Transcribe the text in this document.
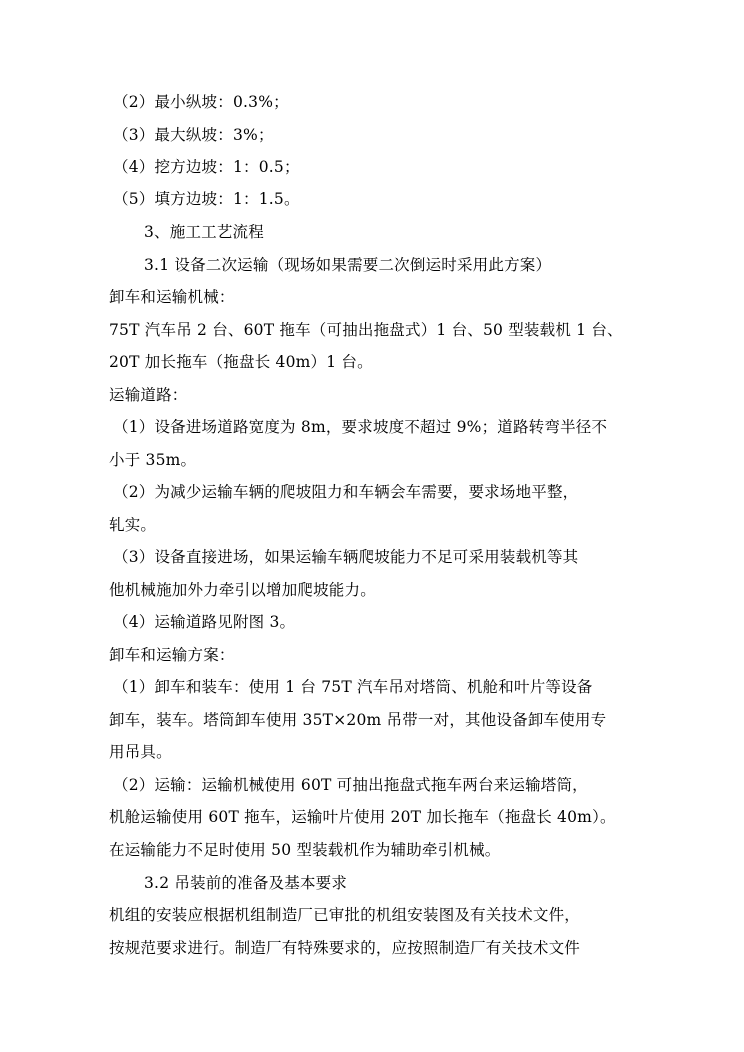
（2）最小纵坡：0.3%；
（3）最大纵坡：3%；
（4）挖方边坡：1：0.5；
（5）填方边坡：1：1.5。
3、施工工艺流程
3.1 设备二次运输（现场如果需要二次倒运时采用此方案）
卸车和运输机械：
75T 汽车吊 2 台、60T 拖车（可抽出拖盘式）1 台、50 型装载机 1 台、
20T 加长拖车（拖盘长 40m）1 台。
运输道路：
（1）设备进场道路宽度为 8m，要求坡度不超过 9%；道路转弯半径不
小于 35m。
（2）为减少运输车辆的爬坡阻力和车辆会车需要，要求场地平整，
轧实。
（3）设备直接进场，如果运输车辆爬坡能力不足可采用装载机等其
他机械施加外力牵引以增加爬坡能力。
（4）运输道路见附图 3。
卸车和运输方案：
（1）卸车和装车：使用 1 台 75T 汽车吊对塔筒、机舱和叶片等设备
卸车，装车。塔筒卸车使用 35T×20m 吊带一对，其他设备卸车使用专
用吊具。
（2）运输：运输机械使用 60T 可抽出拖盘式拖车两台来运输塔筒，
机舱运输使用 60T 拖车，运输叶片使用 20T 加长拖车（拖盘长 40m）。
在运输能力不足时使用 50 型装载机作为辅助牵引机械。
3.2 吊装前的准备及基本要求
机组的安装应根据机组制造厂已审批的机组安装图及有关技术文件，
按规范要求进行。制造厂有特殊要求的，应按照制造厂有关技术文件
